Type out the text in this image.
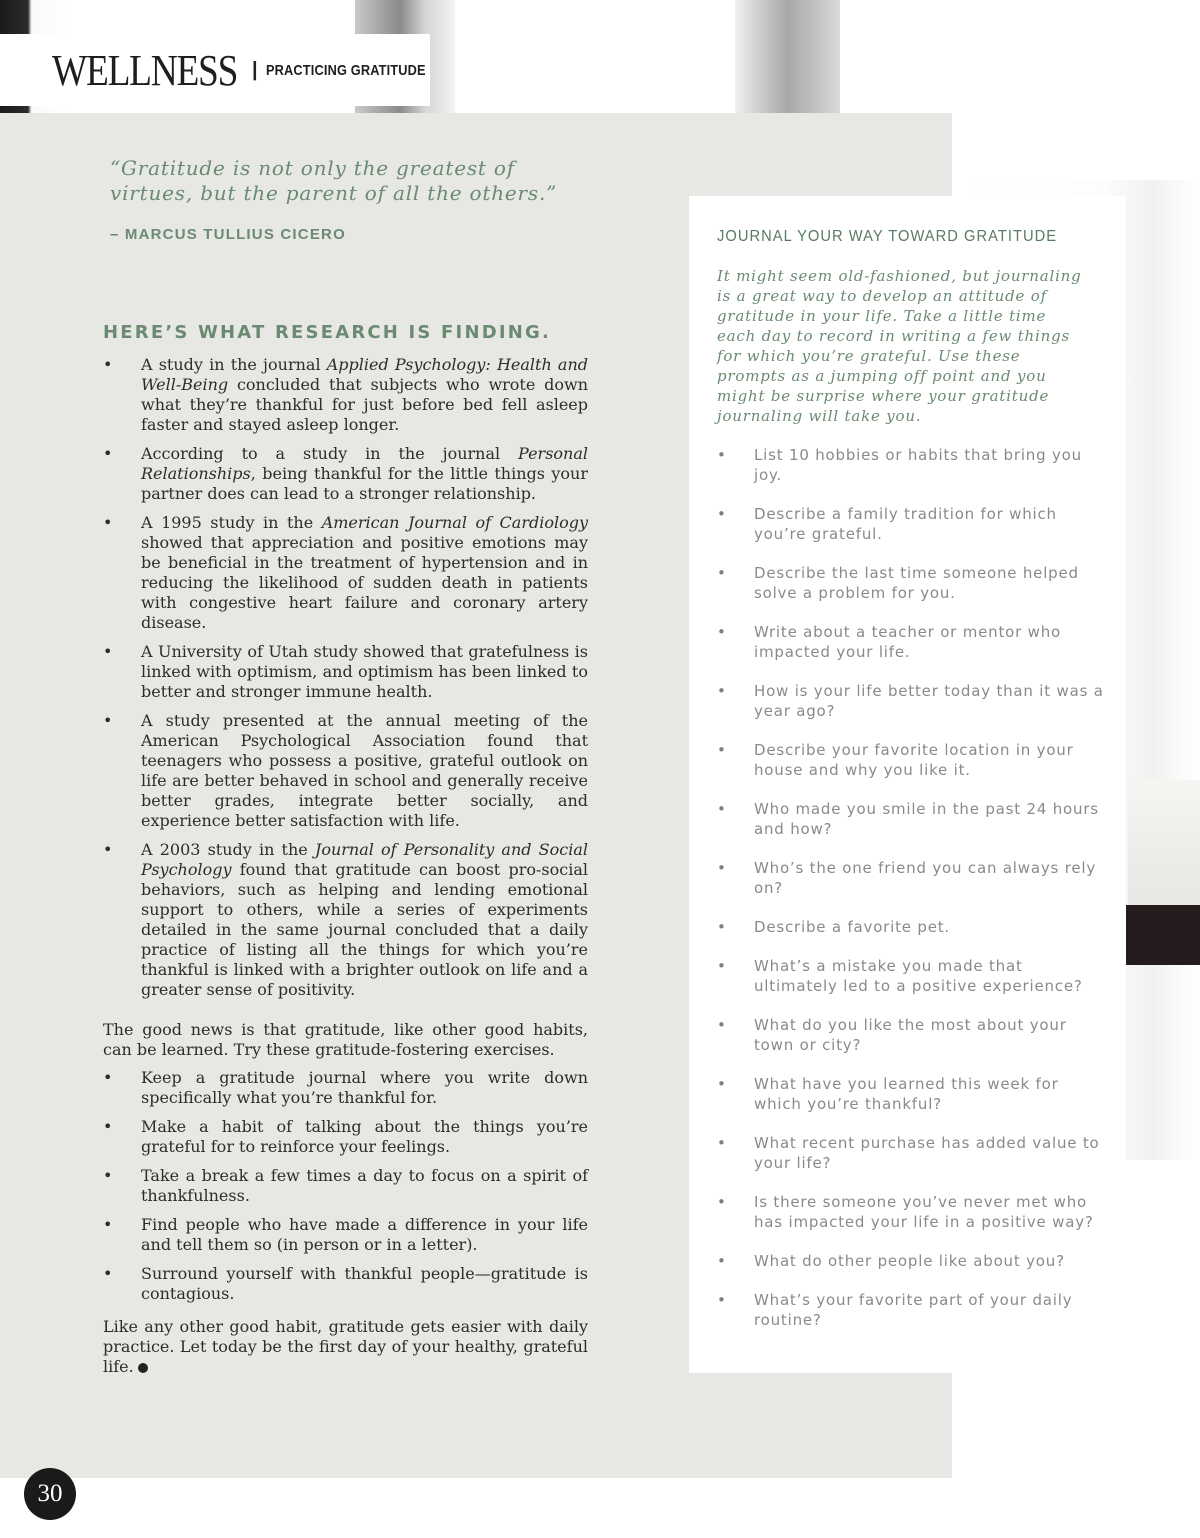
WELLNESS | PRACTICING GRATITUDE
“Gratitude is not only the greatest of virtues, but the parent of all the others.”
– MARCUS TULLIUS CICERO
HERE’S WHAT RESEARCH IS FINDING.
• A study in the journal Applied Psychology: Health and Well-Being concluded that subjects who wrote down what they’re thankful for just before bed fell asleep faster and stayed asleep longer.
• According to a study in the journal Personal Relationships, being thankful for the little things your partner does can lead to a stronger relationship.
• A 1995 study in the American Journal of Cardiology showed that appreciation and positive emotions may be beneficial in the treatment of hypertension and in reducing the likelihood of sudden death in patients with congestive heart failure and coronary artery disease.
• A University of Utah study showed that gratefulness is linked with optimism, and optimism has been linked to better and stronger immune health.
• A study presented at the annual meeting of the American Psychological Association found that teenagers who possess a positive, grateful outlook on life are better behaved in school and generally receive better grades, integrate better socially, and experience better satisfaction with life.
• A 2003 study in the Journal of Personality and Social Psychology found that gratitude can boost pro-social behaviors, such as helping and lending emotional support to others, while a series of experiments detailed in the same journal concluded that a daily practice of listing all the things for which you’re thankful is linked with a brighter outlook on life and a greater sense of positivity.

The good news is that gratitude, like other good habits, can be learned. Try these gratitude-fostering exercises.

• Keep a gratitude journal where you write down specifically what you’re thankful for.
• Make a habit of talking about the things you’re grateful for to reinforce your feelings.
• Take a break a few times a day to focus on a spirit of thankfulness.
• Find people who have made a difference in your life and tell them so (in person or in a letter).
• Surround yourself with thankful people—gratitude is contagious.
Like any other good habit, gratitude gets easier with daily practice. Let today be the first day of your healthy, grateful life.
JOURNAL YOUR WAY TOWARD GRATITUDE
It might seem old-fashioned, but journaling is a great way to develop an attitude of gratitude in your life. Take a little time each day to record in writing a few things for which you’re grateful. Use these prompts as a jumping off point and you might be surprise where your gratitude journaling will take you.
• List 10 hobbies or habits that bring you joy.
• Describe a family tradition for which you’re grateful.
• Describe the last time someone helped solve a problem for you.
• Write about a teacher or mentor who impacted your life.
• How is your life better today than it was a year ago?
• Describe your favorite location in your house and why you like it.
• Who made you smile in the past 24 hours and how?
• Who’s the one friend you can always rely on?
• Describe a favorite pet.
• What’s a mistake you made that ultimately led to a positive experience?
• What do you like the most about your town or city?
• What have you learned this week for which you’re thankful?
• What recent purchase has added value to your life?
• Is there someone you’ve never met who has impacted your life in a positive way?
• What do other people like about you?
• What’s your favorite part of your daily routine?
30
